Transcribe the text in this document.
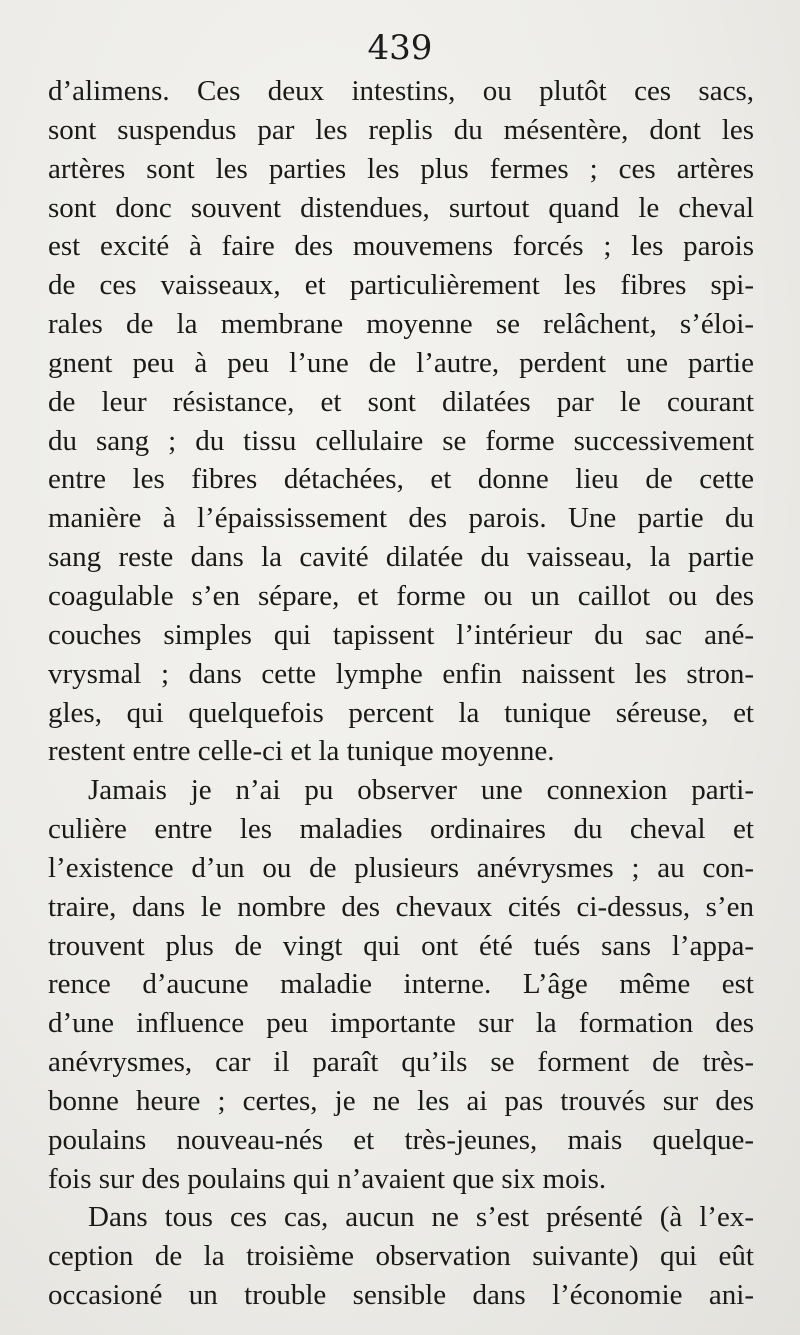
439
d’alimens. Ces deux intestins, ou plutôt ces sacs,
sont suspendus par les replis du mésentère, dont les
artères sont les parties les plus fermes ; ces artères
sont donc souvent distendues, surtout quand le cheval
est excité à faire des mouvemens forcés ; les parois
de ces vaisseaux, et particulièrement les fibres spi-
rales de la membrane moyenne se relâchent, s’éloi-
gnent peu à peu l’une de l’autre, perdent une partie
de leur résistance, et sont dilatées par le courant
du sang ; du tissu cellulaire se forme successivement
entre les fibres détachées, et donne lieu de cette
manière à l’épaississement des parois. Une partie du
sang reste dans la cavité dilatée du vaisseau, la partie
coagulable s’en sépare, et forme ou un caillot ou des
couches simples qui tapissent l’intérieur du sac ané-
vrysmal ; dans cette lymphe enfin naissent les stron-
gles, qui quelquefois percent la tunique séreuse, et
restent entre celle-ci et la tunique moyenne.
Jamais je n’ai pu observer une connexion parti-
culière entre les maladies ordinaires du cheval et
l’existence d’un ou de plusieurs anévrysmes ; au con-
traire, dans le nombre des chevaux cités ci-dessus, s’en
trouvent plus de vingt qui ont été tués sans l’appa-
rence d’aucune maladie interne. L’âge même est
d’une influence peu importante sur la formation des
anévrysmes, car il paraît qu’ils se forment de très-
bonne heure ; certes, je ne les ai pas trouvés sur des
poulains nouveau-nés et très-jeunes, mais quelque-
fois sur des poulains qui n’avaient que six mois.
Dans tous ces cas, aucun ne s’est présenté (à l’ex-
ception de la troisième observation suivante) qui eût
occasioné un trouble sensible dans l’économie ani-
